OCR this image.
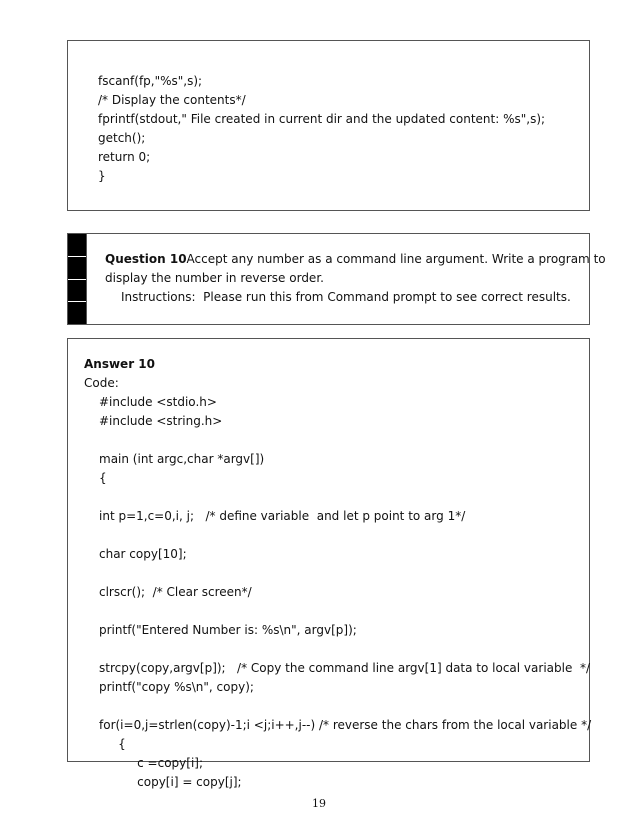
fscanf(fp,"%s",s);
/* Display the contents*/
fprintf(stdout," File created in current dir and the updated content: %s",s);
getch();
return 0;
}
Question 10Accept any number as a command line argument. Write a program to
display the number in reverse order.
Instructions:  Please run this from Command prompt to see correct results.
Answer 10
Code:
#include <stdio.h>
#include <string.h>
main (int argc,char *argv[])
{
int p=1,c=0,i, j;   /* define variable  and let p point to arg 1*/
char copy[10];
clrscr();  /* Clear screen*/
printf("Entered Number is: %s\n", argv[p]);
strcpy(copy,argv[p]);   /* Copy the command line argv[1] data to local variable  */
printf("copy %s\n", copy);
for(i=0,j=strlen(copy)-1;i <j;i++,j--) /* reverse the chars from the local variable */
{
c =copy[i];
copy[i] = copy[j];
19
